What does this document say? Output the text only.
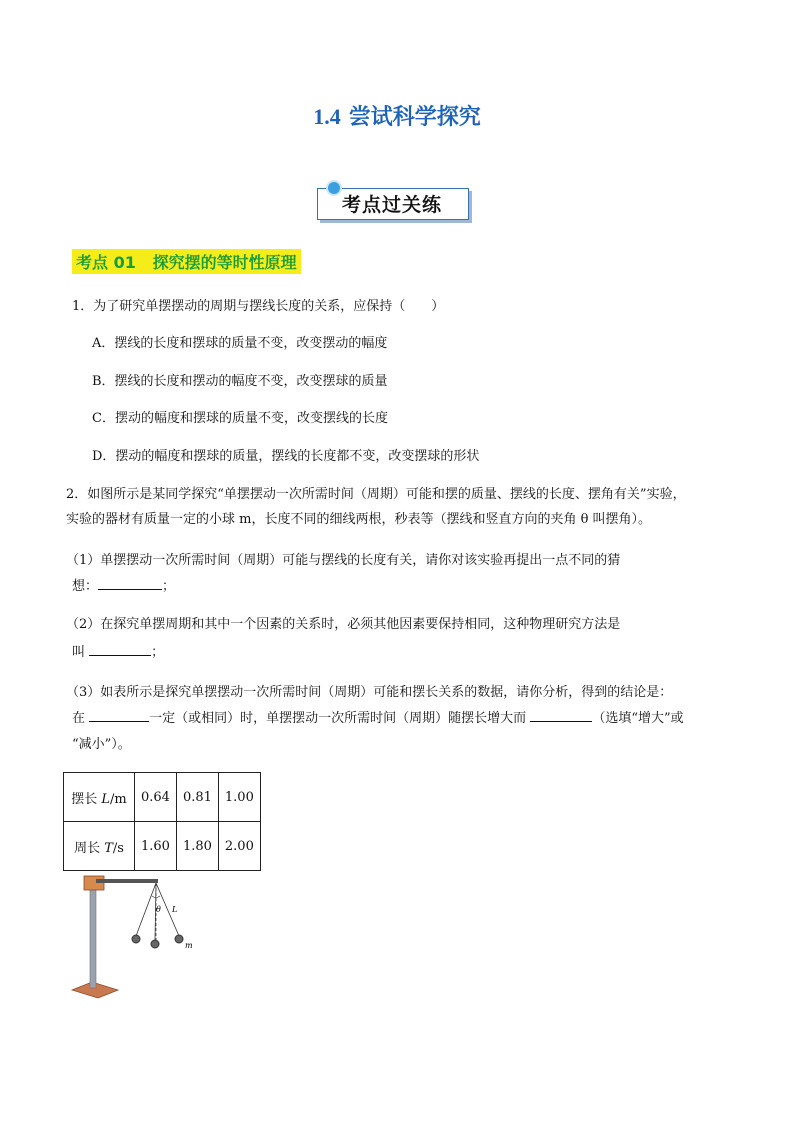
1.4 尝试科学探究
考点过关练
考点 01 探究摆的等时性原理
1．为了研究单摆摆动的周期与摆线长度的关系，应保持（　　）
A．摆线的长度和摆球的质量不变，改变摆动的幅度
B．摆线的长度和摆动的幅度不变，改变摆球的质量
C．摆动的幅度和摆球的质量不变，改变摆线的长度
D．摆动的幅度和摆球的质量，摆线的长度都不变，改变摆球的形状
2．如图所示是某同学探究“单摆摆动一次所需时间（周期）可能和摆的质量、摆线的长度、摆角有关”实验，
实验的器材有质量一定的小球 m，长度不同的细线两根，秒表等（摆线和竖直方向的夹角 θ 叫摆角）。
（1）单摆摆动一次所需时间（周期）可能与摆线的长度有关，请你对该实验再提出一点不同的猜
想：	；
（2）在探究单摆周期和其中一个因素的关系时，必须其他因素要保持相同，这种物理研究方法是
叫	；
（3）如表所示是探究单摆摆动一次所需时间（周期）可能和摆长关系的数据，请你分析，得到的结论是：
在	一定（或相同）时，单摆摆动一次所需时间（周期）随摆长增大而	（选填“增大”或
“减小”）。
摆长 L/m	0.64	0.81	1.00
周长 T/s	1.60	1.80	2.00
θ L
m
